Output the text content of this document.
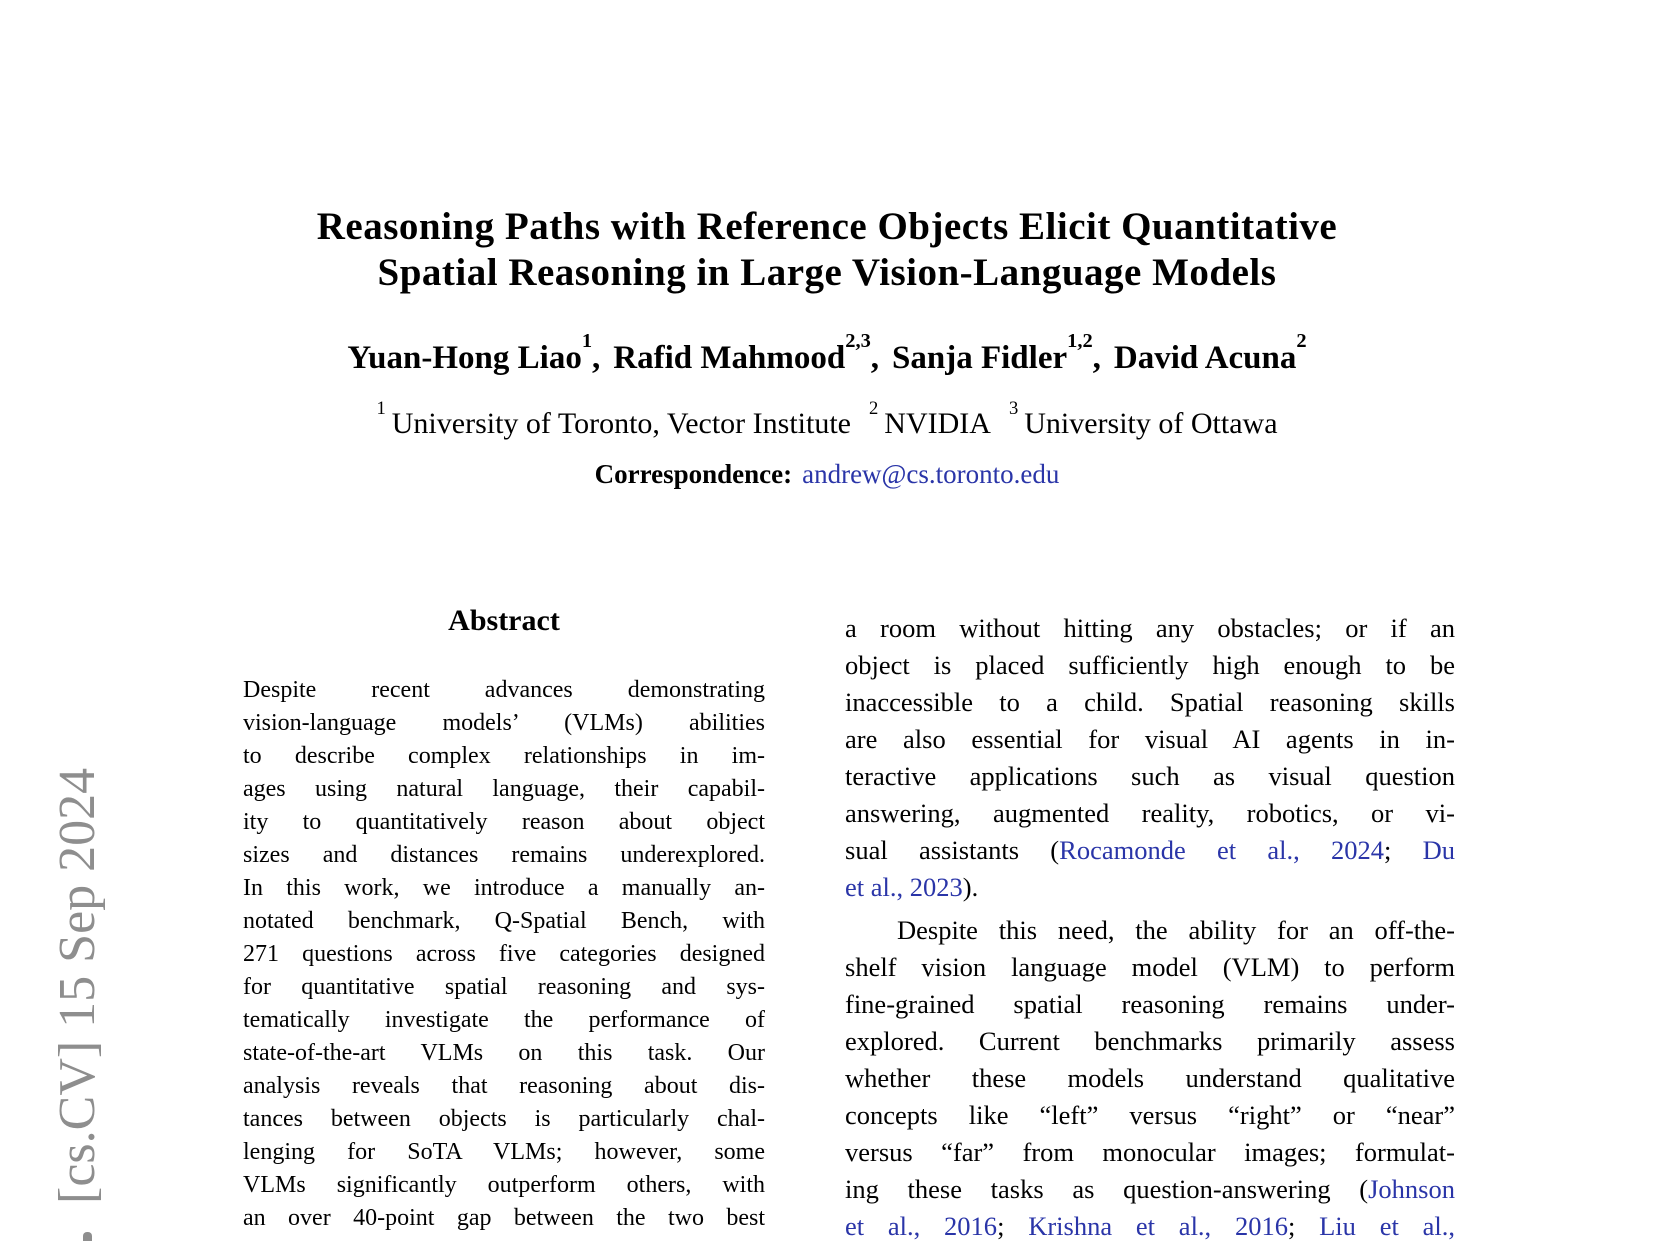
[cs.CV] 15 Sep 2024
Reasoning Paths with Reference Objects Elicit Quantitative
Spatial Reasoning in Large Vision-Language Models
Yuan-Hong Liao$^1$, Rafid Mahmood$^{2,3}$, Sanja Fidler$^{1,2}$, David Acuna$^2$
$^1$ University of Toronto, Vector Institute $^2$ NVIDIA $^3$ University of Ottawa
Correspondence: andrew@cs.toronto.edu
Abstract
Despite recent advances demonstrating
vision-language models’ (VLMs) abilities
to describe complex relationships in im-
ages using natural language, their capabil-
ity to quantitatively reason about object
sizes and distances remains underexplored.
In this work, we introduce a manually an-
notated benchmark, Q-Spatial Bench, with
271 questions across five categories designed
for quantitative spatial reasoning and sys-
tematically investigate the performance of
state-of-the-art VLMs on this task. Our
analysis reveals that reasoning about dis-
tances between objects is particularly chal-
lenging for SoTA VLMs; however, some
VLMs significantly outperform others, with
an over 40-point gap between the two best
a room without hitting any obstacles; or if an
object is placed sufficiently high enough to be
inaccessible to a child. Spatial reasoning skills
are also essential for visual AI agents in in-
teractive applications such as visual question
answering, augmented reality, robotics, or vi-
sual assistants (Rocamonde et al., 2024; Du
et al., 2023).
Despite this need, the ability for an off-the-
shelf vision language model (VLM) to perform
fine-grained spatial reasoning remains under-
explored. Current benchmarks primarily assess
whether these models understand qualitative
concepts like “left” versus “right” or “near”
versus “far” from monocular images; formulat-
ing these tasks as question-answering (Johnson
et al., 2016; Krishna et al., 2016; Liu et al.,
